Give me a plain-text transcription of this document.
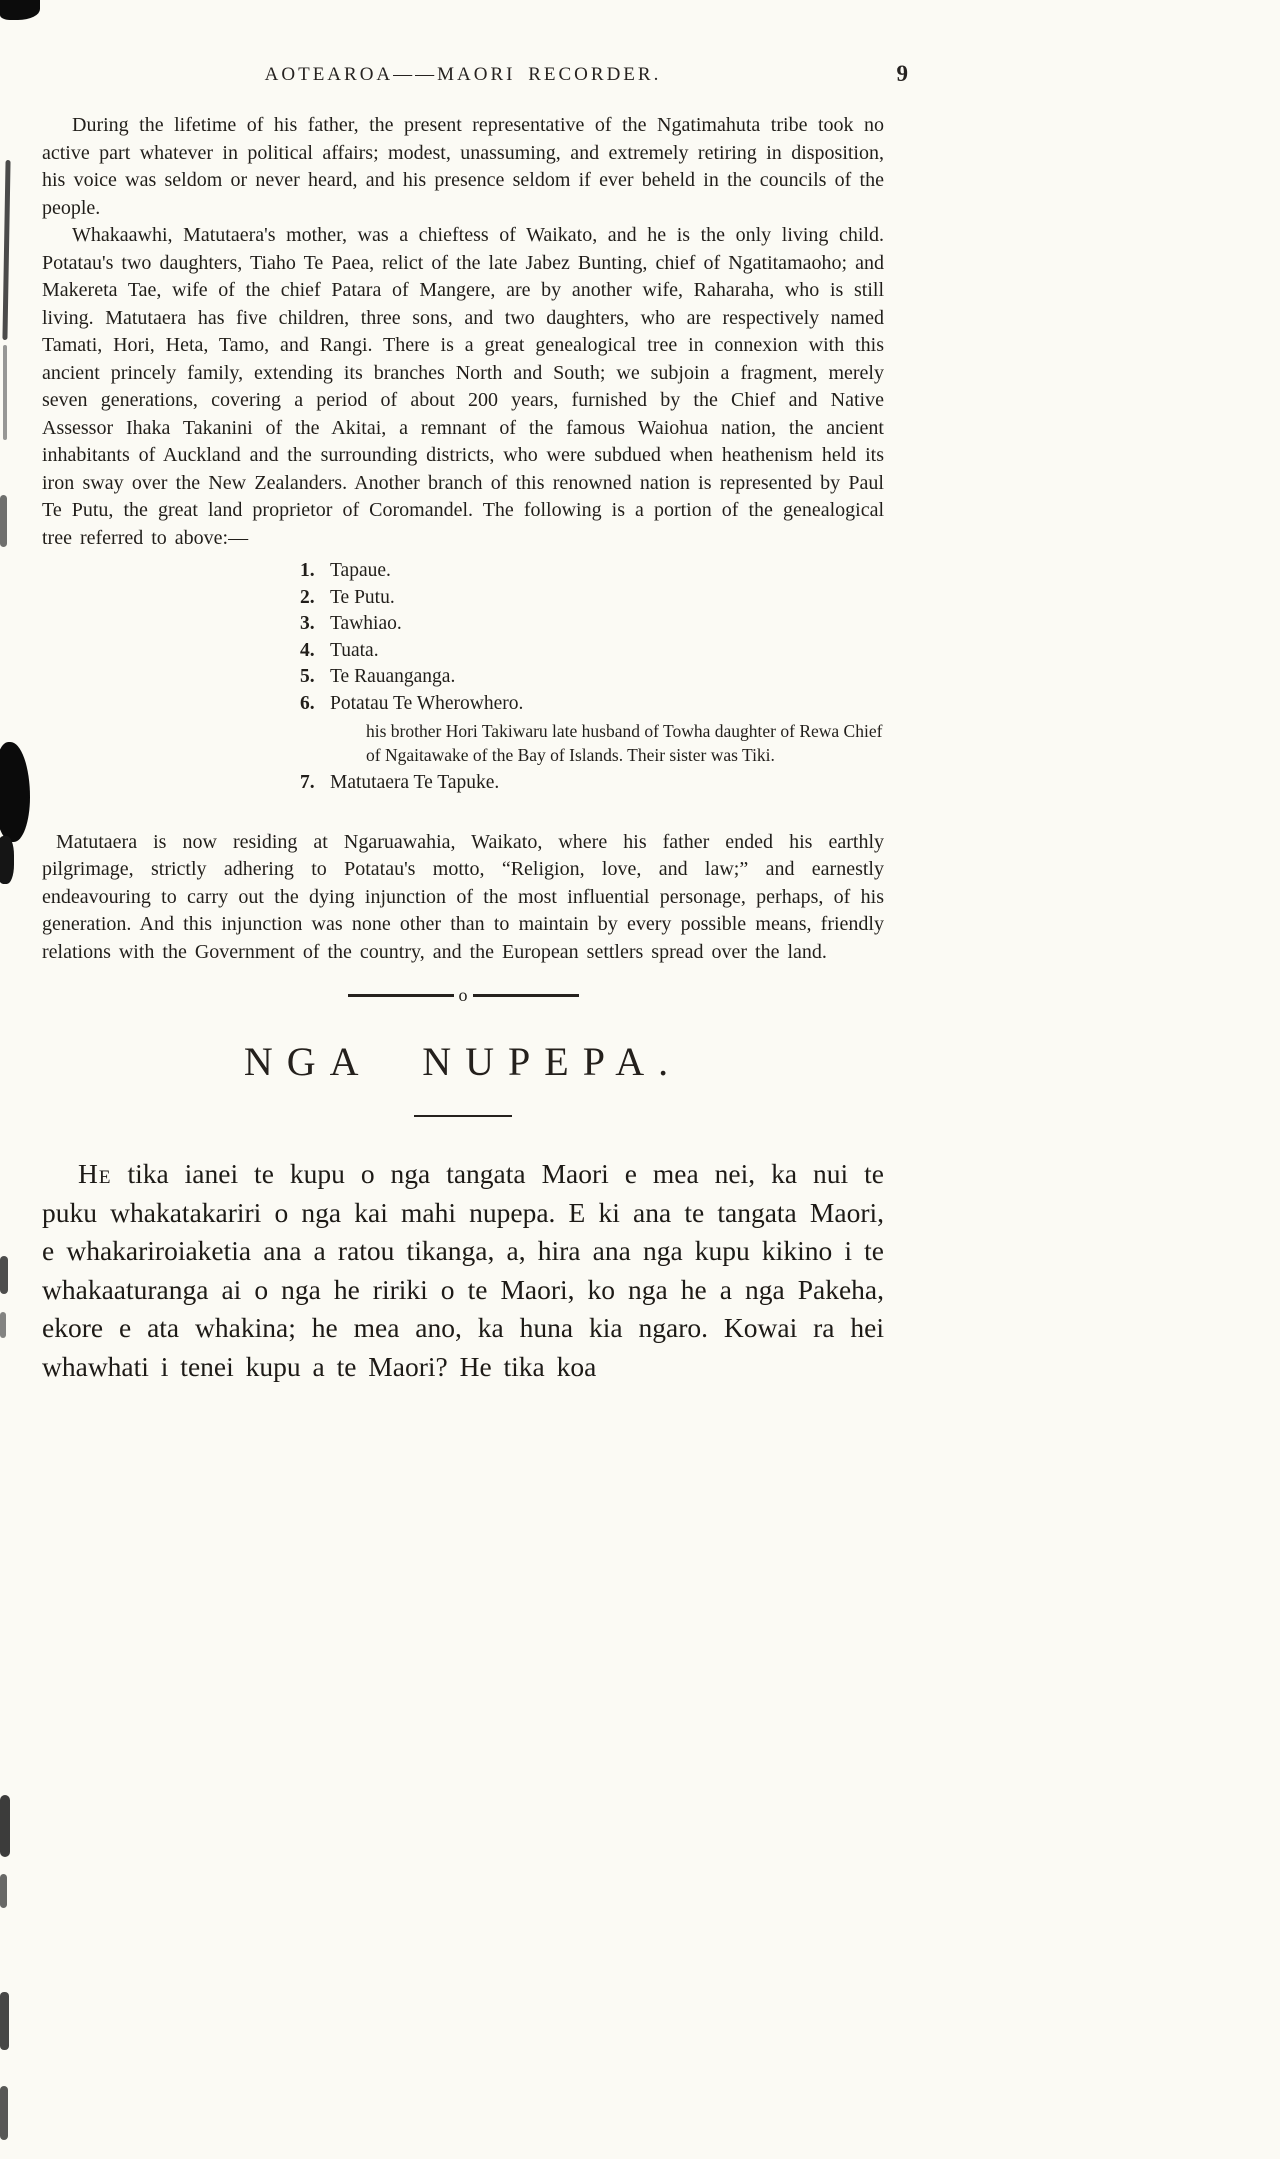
AOTEAROA——MAORI RECORDER.	9

During the lifetime of his father, the present representative of the Ngatimahuta tribe took no active part whatever in political affairs; modest, unassuming, and extremely retiring in disposition, his voice was seldom or never heard, and his presence seldom if ever beheld in the councils of the people.

Whakaawhi, Matutaera's mother, was a chieftess of Waikato, and he is the only living child. Potatau's two daughters, Tiaho Te Paea, relict of the late Jabez Bunting, chief of Ngatitamaoho; and Makereta Tae, wife of the chief Patara of Mangere, are by another wife, Raharaha, who is still living. Matutaera has five children, three sons, and two daughters, who are respectively named Tamati, Hori, Heta, Tamo, and Rangi. There is a great genealogical tree in connexion with this ancient princely family, extending its branches North and South; we subjoin a fragment, merely seven generations, covering a period of about 200 years, furnished by the Chief and Native Assessor Ihaka Takanini of the Akitai, a remnant of the famous Waiohua nation, the ancient inhabitants of Auckland and the surrounding districts, who were subdued when heathenism held its iron sway over the New Zealanders. Another branch of this renowned nation is represented by Paul Te Putu, the great land proprietor of Coromandel. The following is a portion of the genealogical tree referred to above:—

1. Tapaue.
2. Te Putu.
3. Tawhiao.
4. Tuata.
5. Te Rauanganga.
6. Potatau Te Wherowhero.
his brother Hori Takiwaru late husband of Towha daughter of Rewa Chief of Ngaitawake of the Bay of Islands. Their sister was Tiki.
7. Matutaera Te Tapuke.

Matutaera is now residing at Ngaruawahia, Waikato, where his father ended his earthly pilgrimage, strictly adhering to Potatau's motto, “Religion, love, and law;” and earnestly endeavouring to carry out the dying injunction of the most influential personage, perhaps, of his generation. And this injunction was none other than to maintain by every possible means, friendly relations with the Government of the country, and the European settlers spread over the land.

o
NGA NUPEPA.

He tika ianei te kupu o nga tangata Maori e mea nei, ka nui te puku whakatakariri o nga kai mahi nupepa. E ki ana te tangata Maori, e whakariroiaketia ana a ratou tikanga, a, hira ana nga kupu kikino i te whakaaturanga ai o nga he ririki o te Maori, ko nga he a nga Pakeha, ekore e ata whakina; he mea ano, ka huna kia ngaro. Kowai ra hei whawhati i tenei kupu a te Maori? He tika koa
